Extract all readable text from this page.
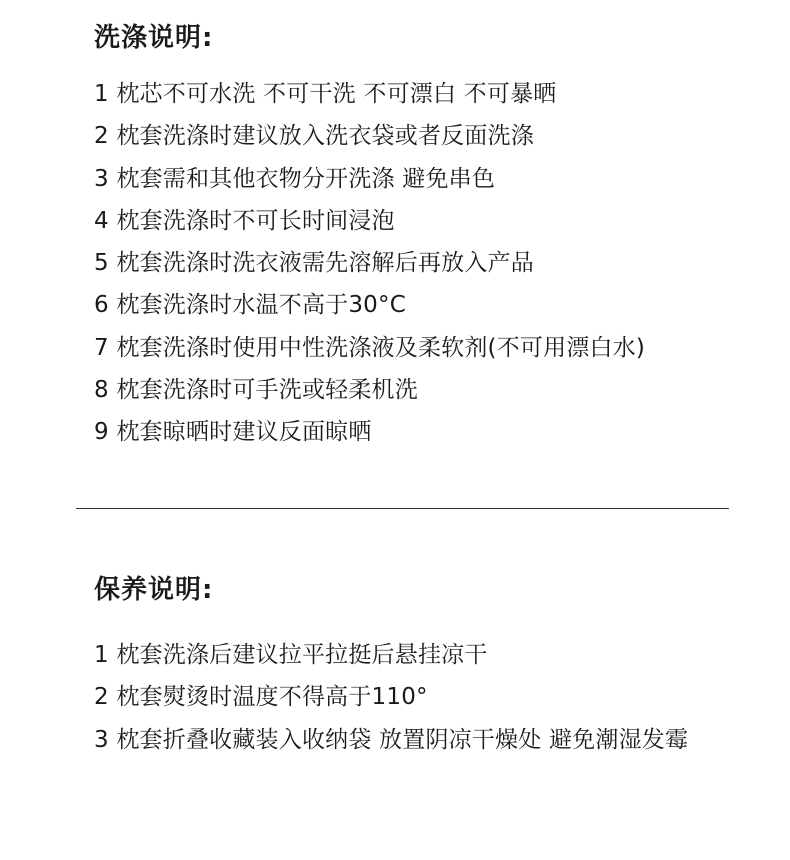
洗涤说明:
1 枕芯不可水洗 不可干洗 不可漂白 不可暴晒
2 枕套洗涤时建议放入洗衣袋或者反面洗涤
3 枕套需和其他衣物分开洗涤 避免串色
4 枕套洗涤时不可长时间浸泡
5 枕套洗涤时洗衣液需先溶解后再放入产品
6 枕套洗涤时水温不高于30°C
7 枕套洗涤时使用中性洗涤液及柔软剂(不可用漂白水)
8 枕套洗涤时可手洗或轻柔机洗
9 枕套晾晒时建议反面晾晒
保养说明:
1 枕套洗涤后建议拉平拉挺后悬挂凉干
2 枕套熨烫时温度不得高于110°
3 枕套折叠收藏装入收纳袋 放置阴凉干燥处 避免潮湿发霉
